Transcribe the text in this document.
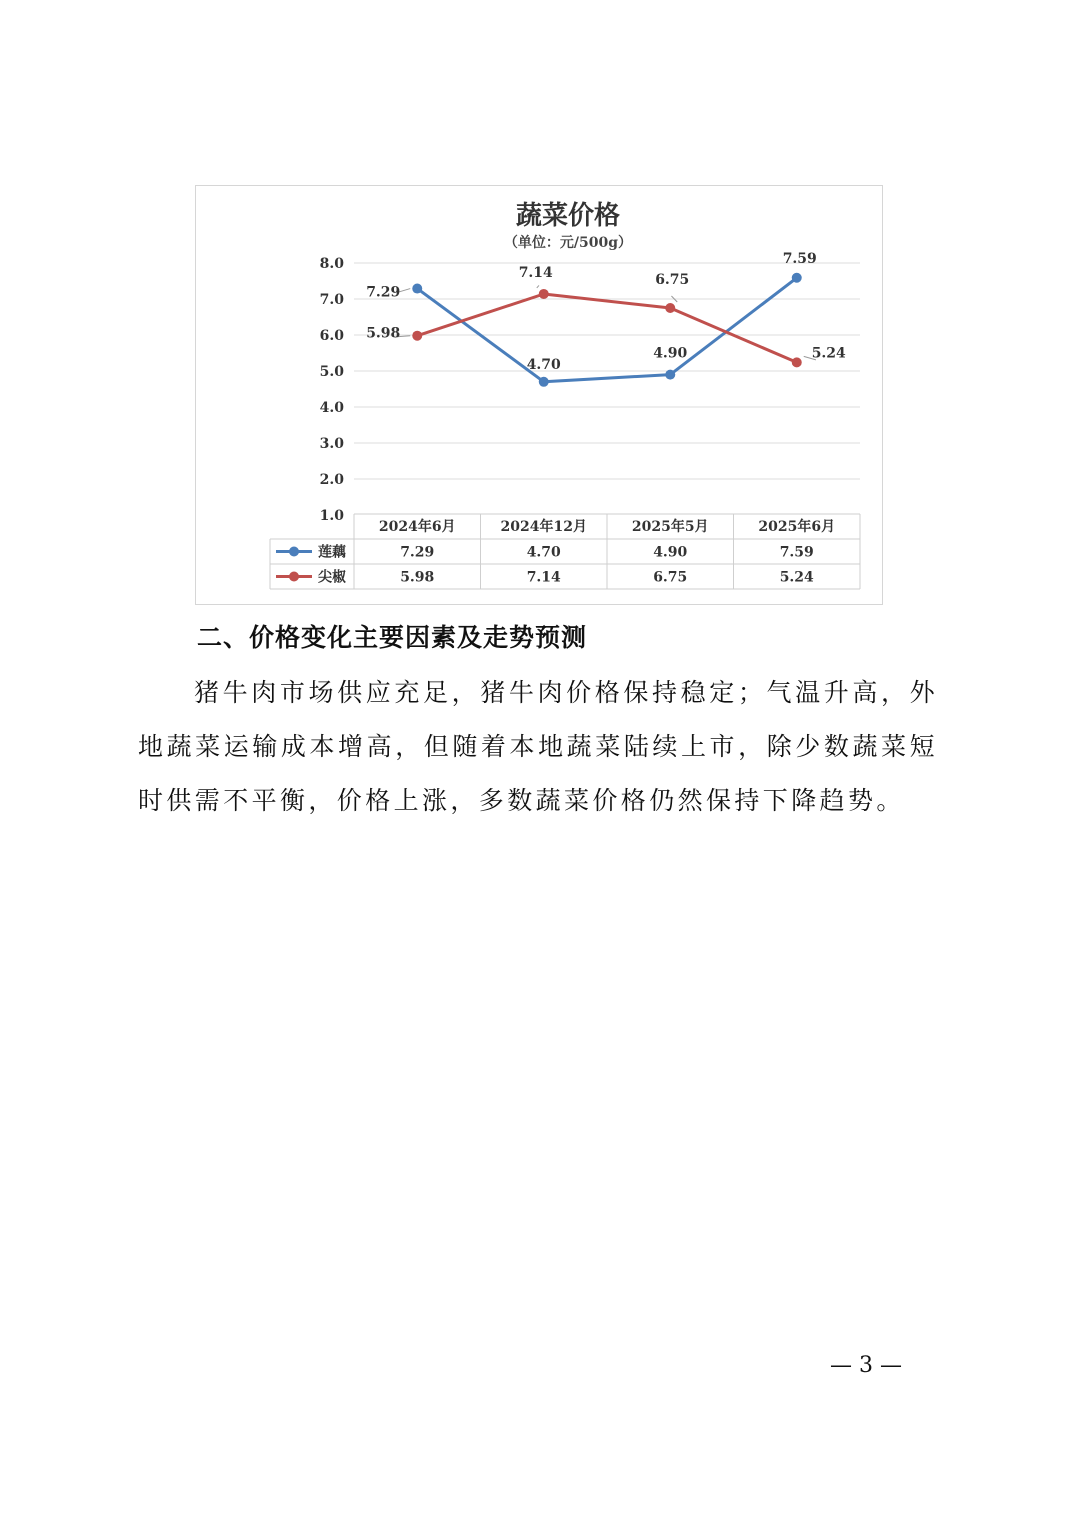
蔬菜价格
（单位：元/500g）
8.0
7.0
6.0
5.0
4.0
3.0
2.0
1.0
7.29
4.70
4.90
7.59
5.98
7.14	6.75
5.24
2024年6月	2024年12月	2025年5月	2025年6月
莲藕	7.29	4.70	4.90	7.59
尖椒	5.98	7.14	6.75	5.24
二、价格变化主要因素及走势预测

猪牛肉市场供应充足，猪牛肉价格保持稳定；气温升高，外地蔬菜运输成本增高，但随着本地蔬菜陆续上市，除少数蔬菜短时供需不平衡，价格上涨，多数蔬菜价格仍然保持下降趋势。

— 3 —
